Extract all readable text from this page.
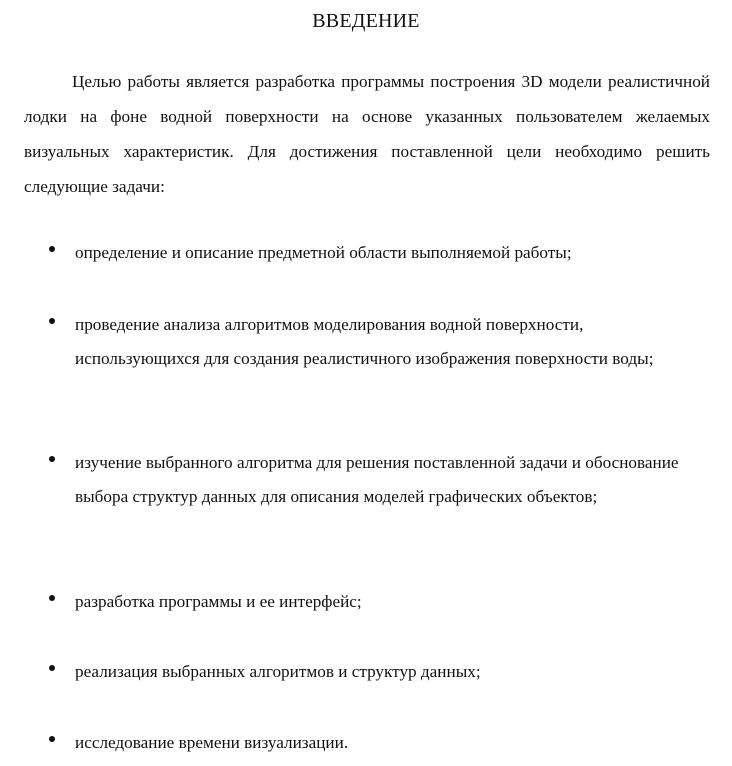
ВВЕДЕНИЕ

Целью работы является разработка программы построения 3D модели реалистичной лодки на фоне водной поверхности на основе указанных пользователем желаемых визуальных характеристик. Для достижения поставленной цели необходимо решить следующие задачи:

определение и описание предметной области выполняемой работы;
проведение анализа алгоритмов моделирования водной поверхности, использующихся для создания реалистичного изображения поверхности воды;
изучение выбранного алгоритма для решения поставленной задачи и обоснование выбора структур данных для описания моделей графических объектов;
разработка программы и ее интерфейс;
реализация выбранных алгоритмов и структур данных;
исследование времени визуализации.
